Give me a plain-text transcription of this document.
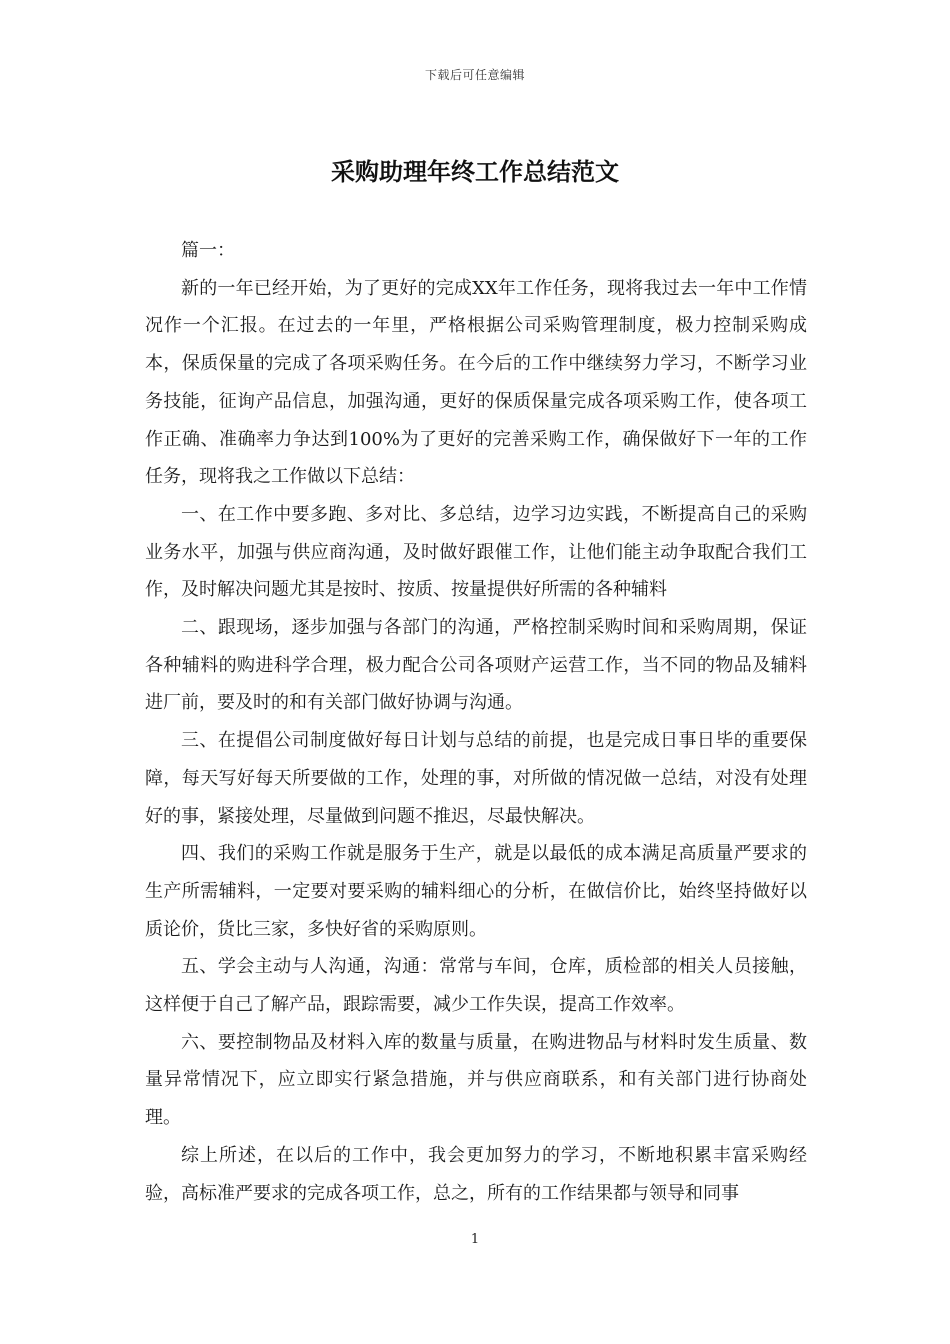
下载后可任意编辑
采购助理年终工作总结范文

篇一：

新的一年已经开始，为了更好的完成XX年工作任务，现将我过去一年中工作情况作一个汇报。在过去的一年里，严格根据公司采购管理制度，极力控制采购成本，保质保量的完成了各项采购任务。在今后的工作中继续努力学习，不断学习业务技能，征询产品信息，加强沟通，更好的保质保量完成各项采购工作，使各项工作正确、准确率力争达到100%为了更好的完善采购工作，确保做好下一年的工作任务，现将我之工作做以下总结：

一、在工作中要多跑、多对比、多总结，边学习边实践，不断提高自己的采购业务水平，加强与供应商沟通，及时做好跟催工作，让他们能主动争取配合我们工作，及时解决问题尤其是按时、按质、按量提供好所需的各种辅料

二、跟现场，逐步加强与各部门的沟通，严格控制采购时间和采购周期，保证各种辅料的购进科学合理，极力配合公司各项财产运营工作，当不同的物品及辅料进厂前，要及时的和有关部门做好协调与沟通。

三、在提倡公司制度做好每日计划与总结的前提，也是完成日事日毕的重要保障，每天写好每天所要做的工作，处理的事，对所做的情况做一总结，对没有处理好的事，紧接处理，尽量做到问题不推迟，尽最快解决。

四、我们的采购工作就是服务于生产，就是以最低的成本满足高质量严要求的生产所需辅料，一定要对要采购的辅料细心的分析，在做信价比，始终坚持做好以质论价，货比三家，多快好省的采购原则。

五、学会主动与人沟通，沟通：常常与车间，仓库，质检部的相关人员接触，这样便于自己了解产品，跟踪需要，减少工作失误，提高工作效率。

六、要控制物品及材料入库的数量与质量，在购进物品与材料时发生质量、数量异常情况下，应立即实行紧急措施，并与供应商联系，和有关部门进行协商处理。

综上所述，在以后的工作中，我会更加努力的学习，不断地积累丰富采购经验，高标准严要求的完成各项工作，总之，所有的工作结果都与领导和同事

1
